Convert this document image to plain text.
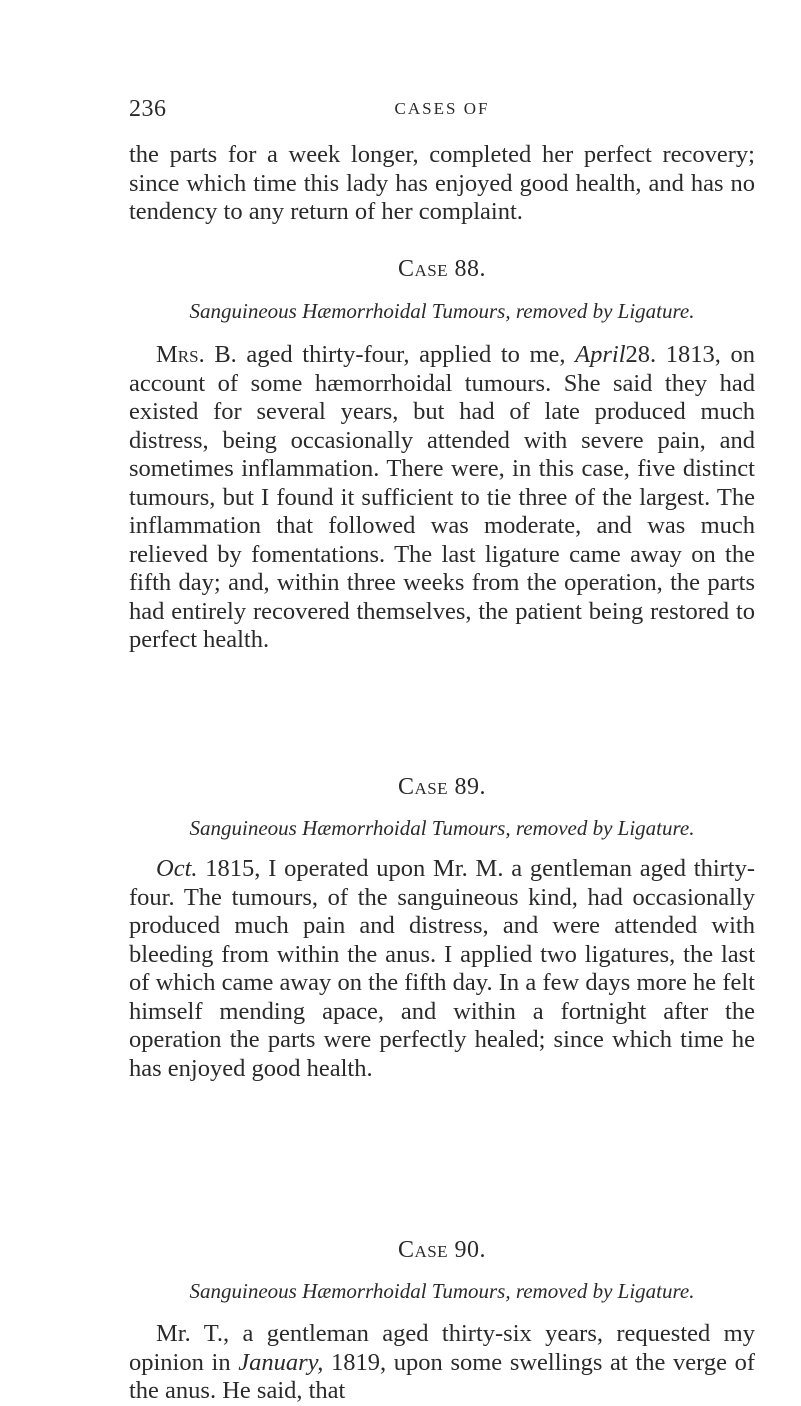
236	CASES OF

the parts for a week longer, completed her perfect recovery; since which time this lady has enjoyed good health, and has no tendency to any return of her complaint.

Case 88.

Sanguineous Hæmorrhoidal Tumours, removed by Ligature.

Mrs. B. aged thirty-four, applied to me, April28. 1813, on account of some hæmorrhoidal tumours. She said they had existed for several years, but had of late produced much distress, being occasionally attended with severe pain, and sometimes inflammation. There were, in this case, five distinct tumours, but I found it sufficient to tie three of the largest. The inflammation that followed was moderate, and was much relieved by fomentations. The last ligature came away on the fifth day; and, within three weeks from the operation, the parts had entirely recovered themselves, the patient being restored to perfect health.

Case 89.

Sanguineous Hæmorrhoidal Tumours, removed by Ligature.

Oct. 1815, I operated upon Mr. M. a gentleman aged thirty-four. The tumours, of the sanguineous kind, had occasionally produced much pain and distress, and were attended with bleeding from within the anus. I applied two ligatures, the last of which came away on the fifth day. In a few days more he felt himself mending apace, and within a fortnight after the operation the parts were perfectly healed; since which time he has enjoyed good health.

Case 90.

Sanguineous Hæmorrhoidal Tumours, removed by Ligature.

Mr. T., a gentleman aged thirty-six years, requested my opinion in January, 1819, upon some swellings at the verge of the anus. He said, that
